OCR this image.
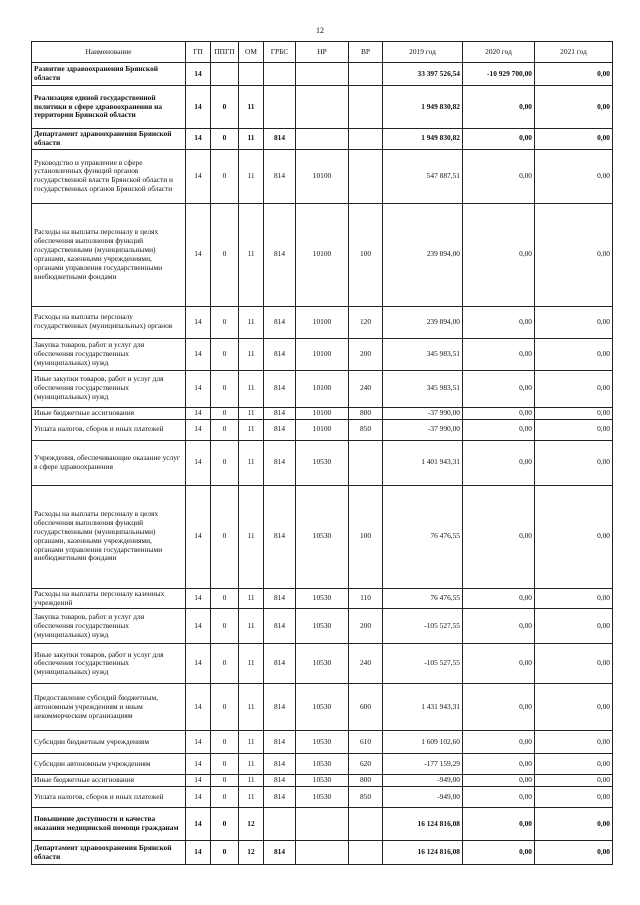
12
Наименование	ГП	ППГП	ОМ	ГРБС	НР	ВР	2019 год	2020 год	2021 год
Развитие здравоохранения Брянской области	14						33 397 526,54	-10 929 700,00	0,00
Реализация единой государственной политики в сфере здравоохранения на территории Брянской области	14	0	11				1 949 830,82	0,00	0,00
Департамент здравоохранения Брянской области	14	0	11	814			1 949 830,82	0,00	0,00
Руководство и управление в сфере установленных функций органов государственной власти Брянской области и государственных органов Брянской области	14	0	11	814	10100		547 887,51	0,00	0,00
Расходы на выплаты персоналу в целях обеспечения выполнения функций государственными (муниципальными) органами, казенными учреждениями, органами управления государственными внебюджетными фондами	14	0	11	814	10100	100	239 894,00	0,00	0,00
Расходы на выплаты персоналу государственных (муниципальных) органов	14	0	11	814	10100	120	239 894,00	0,00	0,00
Закупка товаров, работ и услуг для обеспечения государственных (муниципальных) нужд	14	0	11	814	10100	200	345 983,51	0,00	0,00
Иные закупки товаров, работ и услуг для обеспечения государственных (муниципальных) нужд	14	0	11	814	10100	240	345 983,51	0,00	0,00
Иные бюджетные ассигнования	14	0	11	814	10100	800	-37 990,00	0,00	0,00
Уплата налогов, сборов и иных платежей	14	0	11	814	10100	850	-37 990,00	0,00	0,00
Учреждения, обеспечивающие оказание услуг в сфере здравоохранения	14	0	11	814	10530		1 401 943,31	0,00	0,00
Расходы на выплаты персоналу в целях обеспечения выполнения функций государственными (муниципальными) органами, казенными учреждениями, органами управления государственными внебюджетными фондами	14	0	11	814	10530	100	76 476,55	0,00	0,00
Расходы на выплаты персоналу казенных учреждений	14	0	11	814	10530	110	76 476,55	0,00	0,00
Закупка товаров, работ и услуг для обеспечения государственных (муниципальных) нужд	14	0	11	814	10530	200	-105 527,55	0,00	0,00
Иные закупки товаров, работ и услуг для обеспечения государственных (муниципальных) нужд	14	0	11	814	10530	240	-105 527,55	0,00	0,00
Предоставление субсидий бюджетным, автономным учреждениям и иным некоммерческим организациям	14	0	11	814	10530	600	1 431 943,31	0,00	0,00
Субсидии бюджетным учреждениям	14	0	11	814	10530	610	1 609 102,60	0,00	0,00
Субсидии автономным учреждениям	14	0	11	814	10530	620	-177 159,29	0,00	0,00
Иные бюджетные ассигнования	14	0	11	814	10530	800	-949,00	0,00	0,00
Уплата налогов, сборов и иных платежей	14	0	11	814	10530	850	-949,00	0,00	0,00
Повышение доступности и качества оказания медицинской помощи гражданам	14	0	12				16 124 816,08	0,00	0,00
Департамент здравоохранения Брянской области	14	0	12	814			16 124 816,08	0,00	0,00
